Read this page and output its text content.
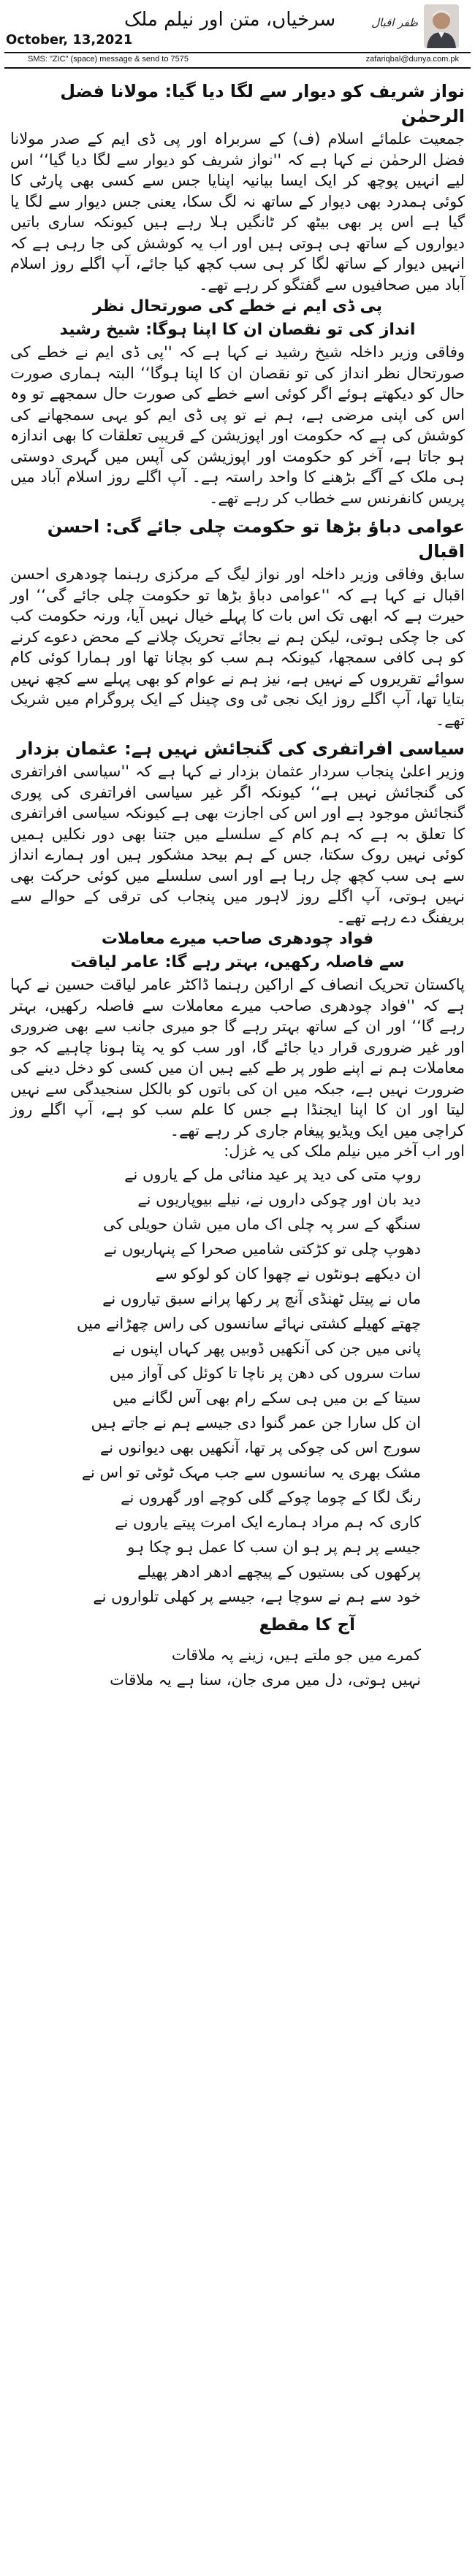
ظفر اقبال
سرخیاں، متن اور نیلم ملک
October, 13,2021
SMS: "ZIC" (space) message & send to 7575	zafariqbal@dunya.com.pk
نواز شریف کو دیوار سے لگا دیا گیا: مولانا فضل الرحمٰن

جمعیت علمائے اسلام (ف) کے سربراہ اور پی ڈی ایم کے صدر مولانا فضل الرحمٰن نے کہا ہے کہ ''نواز شریف کو دیوار سے لگا دیا گیا‘‘ اس لیے انہیں پوچھ کر ایک ایسا بیانیہ اپنایا جس سے کسی بھی پارٹی کا کوئی ہمدرد بھی دیوار کے ساتھ نہ لگ سکا، یعنی جس دیوار سے لگا یا گیا ہے اس پر بھی بیٹھ کر ٹانگیں ہلا رہے ہیں کیونکہ ساری باتیں دیواروں کے ساتھ ہی ہوتی ہیں اور اب یہ کوشش کی جا رہی ہے کہ انہیں دیوار کے ساتھ لگا کر ہی سب کچھ کیا جائے، آپ اگلے روز اسلام آباد میں صحافیوں سے گفتگو کر رہے تھے۔

پی ڈی ایم نے خطے کی صورتحال نظر
انداز کی تو نقصان ان کا اپنا ہوگا: شیخ رشید

وفاقی وزیر داخلہ شیخ رشید نے کہا ہے کہ ''پی ڈی ایم نے خطے کی صورتحال نظر انداز کی تو نقصان ان کا اپنا ہوگا‘‘ البتہ ہماری صورت حال کو دیکھتے ہوئے اگر کوئی اسے خطے کی صورت حال سمجھے تو وہ اس کی اپنی مرضی ہے، ہم نے تو پی ڈی ایم کو یہی سمجھانے کی کوشش کی ہے کہ حکومت اور اپوزیشن کے قریبی تعلقات کا بھی اندازہ ہو جاتا ہے، آخر کو حکومت اور اپوزیشن کی آپس میں گہری دوستی ہی ملک کے آگے بڑھنے کا واحد راستہ ہے۔ آپ اگلے روز اسلام آباد میں پریس کانفرنس سے خطاب کر رہے تھے۔

عوامی دباؤ بڑھا تو حکومت چلی جائے گی: احسن اقبال

سابق وفاقی وزیر داخلہ اور نواز لیگ کے مرکزی رہنما چودھری احسن اقبال نے کہا ہے کہ ''عوامی دباؤ بڑھا تو حکومت چلی جائے گی‘‘ اور حیرت ہے کہ ابھی تک اس بات کا پہلے خیال نہیں آیا، ورنہ حکومت کب کی جا چکی ہوتی، لیکن ہم نے بجائے تحریک چلانے کے محض دعوے کرنے کو ہی کافی سمجھا، کیونکہ ہم سب کو بچانا تھا اور ہمارا کوئی کام سوائے تقریروں کے نہیں ہے، نیز ہم نے عوام کو بھی پہلے سے کچھ نہیں بتایا تھا، آپ اگلے روز ایک نجی ٹی وی چینل کے ایک پروگرام میں شریک تھے۔

سیاسی افراتفری کی گنجائش نہیں ہے: عثمان بزدار

وزیر اعلیٰ پنجاب سردار عثمان بزدار نے کہا ہے کہ ''سیاسی افراتفری کی گنجائش نہیں ہے‘‘ کیونکہ اگر غیر سیاسی افراتفری کی پوری گنجائش موجود ہے اور اس کی اجازت بھی ہے کیونکہ سیاسی افراتفری کا تعلق بہ ہے کہ ہم کام کے سلسلے میں جتنا بھی دور نکلیں ہمیں کوئی نہیں روک سکتا، جس کے ہم بیحد مشکور ہیں اور ہمارے انداز سے ہی سب کچھ چل رہا ہے اور اسی سلسلے میں کوئی حرکت بھی نہیں ہوتی، آپ اگلے روز لاہور میں پنجاب کی ترقی کے حوالے سے بریفنگ دے رہے تھے۔

فواد چودھری صاحب میرے معاملات
سے فاصلہ رکھیں، بہتر رہے گا: عامر لیاقت

پاکستان تحریک انصاف کے اراکین رہنما ڈاکٹر عامر لیاقت حسین نے کہا ہے کہ ''فواد چودھری صاحب میرے معاملات سے فاصلہ رکھیں، بہتر رہے گا‘‘ اور ان کے ساتھ بہتر رہے گا جو میری جانب سے بھی ضروری اور غیر ضروری قرار دیا جائے گا، اور سب کو یہ پتا ہونا چاہیے کہ جو معاملات ہم نے اپنے طور پر طے کیے ہیں ان میں کسی کو دخل دینے کی ضرورت نہیں ہے، جبکہ میں ان کی باتوں کو بالکل سنجیدگی سے نہیں لیتا اور ان کا اپنا ایجنڈا ہے جس کا علم سب کو ہے، آپ اگلے روز کراچی میں ایک ویڈیو پیغام جاری کر رہے تھے۔

اور اب آخر میں نیلم ملک کی یہ غزل:

روپ متی کی دید پر عید منائی مل کے یاروں نے
دید بان اور چوکی داروں نے، نیلے بیوپاریوں نے
سنگھ کے سر پہ چلی اک ماں میں شان حویلی کی
دھوپ چلی تو کڑکتی شامیں صحرا کے پنہاریوں نے
ان دیکھے ہونٹوں نے چھوا کان کو لوکو سے
ماں نے پیتل ٹھنڈی آنچ پر رکھا پرانے سبق تیاروں نے
چھتے کھیلے کشتی نہائے سانسوں کی راس چھڑانے میں
پانی میں جن کی آنکھیں ڈوبیں پھر کہاں اپنوں نے
سات سروں کی دھن پر ناچا تا کوئل کی آواز میں
سیتا کے بن میں ہی سکے رام بھی آس لگانے میں
ان کل سارا جن عمر گنوا دی جیسے ہم نے جاتے ہیں
سورج اس کی چوکی پر تھا، آنکھیں بھی دیوانوں نے
مشک بھری یہ سانسوں سے جب مہک ٹوٹی تو اس نے
رنگ لگا کے چوما چوکے گلی کوچے اور گھروں نے
کاری کہ ہم مراد ہمارے ایک امرت پیتے یاروں نے
جیسے پر ہم پر ہو ان سب کا عمل ہو چکا ہو
پرکھوں کی بستیوں کے پیچھے ادھر ادھر پھیلے
خود سے ہم نے سوچا ہے، جیسے پر کھلی تلواروں نے
آج کا مقطع
کمرے میں جو ملتے ہیں، زینے پہ ملاقات
نہیں ہوتی، دل میں مری جان، سنا ہے یہ ملاقات
